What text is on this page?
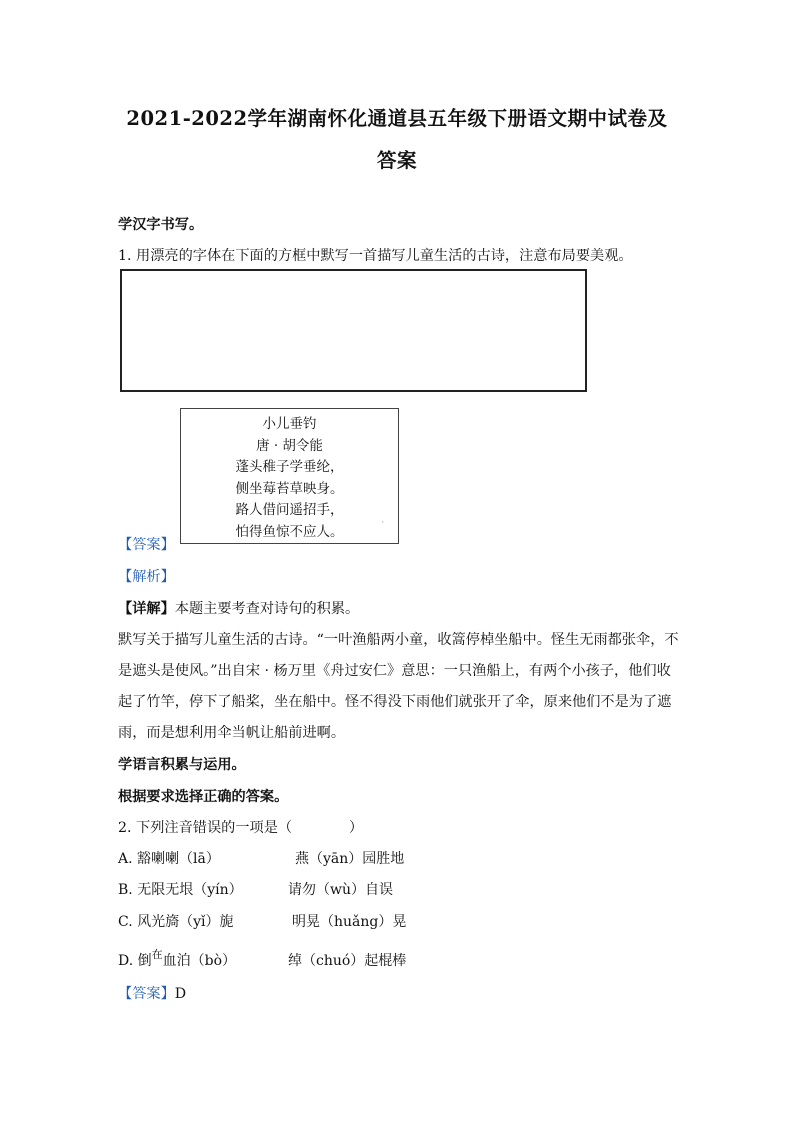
2021-2022学年湖南怀化通道县五年级下册语文期中试卷及
答案
学汉字书写。
1. 用漂亮的字体在下面的方框中默写一首描写儿童生活的古诗，注意布局要美观。
小儿垂钓
唐 · 胡令能
蓬头稚子学垂纶，
侧坐莓苔草映身。
路人借问遥招手，
怕得鱼惊不应人。
·
【答案】
【解析】
【详解】本题主要考查对诗句的积累。
默写关于描写儿童生活的古诗。“一叶渔船两小童，收篙停棹坐船中。怪生无雨都张伞，不
是遮头是使风。”出自宋 · 杨万里《舟过安仁》意思：一只渔船上，有两个小孩子，他们收
起了竹竿，停下了船桨，坐在船中。怪不得没下雨他们就张开了伞，原来他们不是为了遮
雨，而是想利用伞当帆让船前进啊。
学语言积累与运用。
根据要求选择正确的答案。
2. 下列注音错误的一项是（　　　　）
A. 豁喇喇（lā）	燕（yān）园胜地
B. 无限无垠（yín）	请勿（wù）自误
C. 风光旖（yǐ）旎	明晃（huǎng）晃
D. 倒$^在$血泊（bò）	绰（chuó）起棍棒
【答案】D
